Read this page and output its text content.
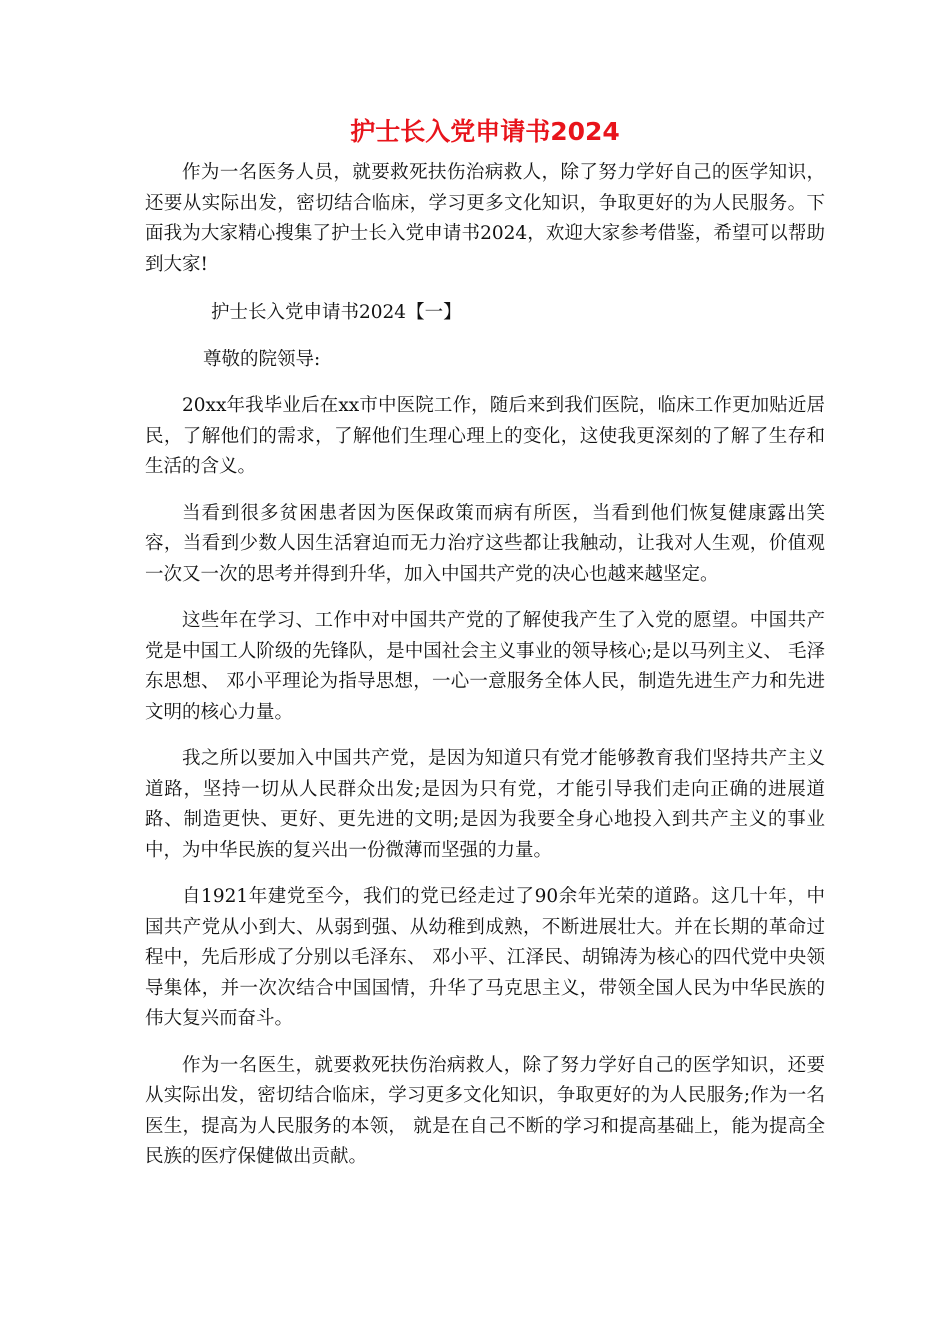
护士长入党申请书2024

作为一名医务人员，就要救死扶伤治病救人，除了努力学好自己的医学知识，还要从实际出发，密切结合临床，学习更多文化知识，争取更好的为人民服务。下面我为大家精心搜集了护士长入党申请书2024，欢迎大家参考借鉴，希望可以帮助到大家!

护士长入党申请书2024【一】

尊敬的院领导:

20xx年我毕业后在xx市中医院工作，随后来到我们医院，临床工作更加贴近居民，了解他们的需求，了解他们生理心理上的变化，这使我更深刻的了解了生存和生活的含义。

当看到很多贫困患者因为医保政策而病有所医，当看到他们恢复健康露出笑容，当看到少数人因生活窘迫而无力治疗这些都让我触动，让我对人生观，价值观一次又一次的思考并得到升华，加入中国共产党的决心也越来越坚定。

这些年在学习、工作中对中国共产党的了解使我产生了入党的愿望。中国共产党是中国工人阶级的先锋队，是中国社会主义事业的领导核心;是以马列主义、 毛泽东思想、 邓小平理论为指导思想，一心一意服务全体人民，制造先进生产力和先进文明的核心力量。

我之所以要加入中国共产党，是因为知道只有党才能够教育我们坚持共产主义道路，坚持一切从人民群众出发;是因为只有党，才能引导我们走向正确的进展道路、制造更快、更好、更先进的文明;是因为我要全身心地投入到共产主义的事业中，为中华民族的复兴出一份微薄而坚强的力量。

自1921年建党至今，我们的党已经走过了90余年光荣的道路。这几十年，中国共产党从小到大、从弱到强、从幼稚到成熟，不断进展壮大。并在长期的革命过程中，先后形成了分别以毛泽东、 邓小平、江泽民、胡锦涛为核心的四代党中央领导集体，并一次次结合中国国情，升华了马克思主义，带领全国人民为中华民族的伟大复兴而奋斗。

作为一名医生，就要救死扶伤治病救人，除了努力学好自己的医学知识，还要从实际出发，密切结合临床，学习更多文化知识，争取更好的为人民服务;作为一名医生，提高为人民服务的本领， 就是在自己不断的学习和提高基础上，能为提高全民族的医疗保健做出贡献。
